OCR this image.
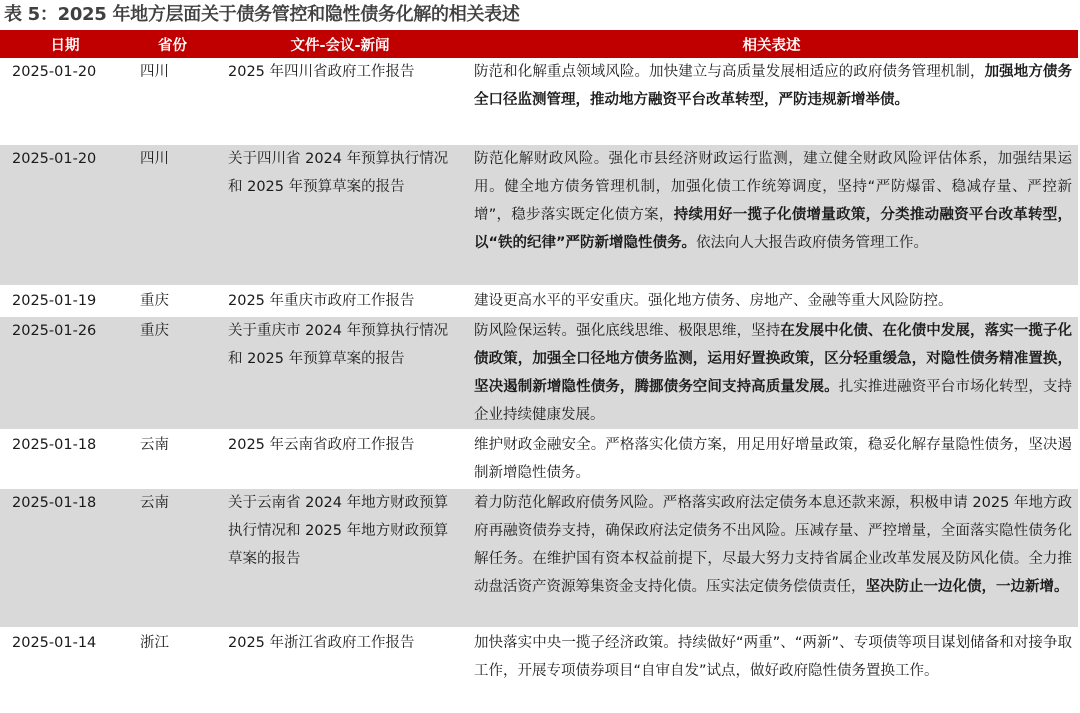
表 5：2025 年地方层面关于债务管控和隐性债务化解的相关表述
日期	省份	文件-会议-新闻	相关表述
2025-01-20	四川	2025 年四川省政府工作报告	防范和化解重点领域风险。加快建立与高质量发展相适应的政府债务管理机制，加强地方债务全口径监测管理，推动地方融资平台改革转型，严防违规新增举债。
2025-01-20	四川	关于四川省 2024 年预算执行情况和 2025 年预算草案的报告	防范化解财政风险。强化市县经济财政运行监测，建立健全财政风险评估体系，加强结果运用。健全地方债务管理机制，加强化债工作统筹调度，坚持“严防爆雷、稳减存量、严控新增”，稳步落实既定化债方案，持续用好一揽子化债增量政策，分类推动融资平台改革转型，以“铁的纪律”严防新增隐性债务。依法向人大报告政府债务管理工作。
2025-01-19	重庆	2025 年重庆市政府工作报告	建设更高水平的平安重庆。强化地方债务、房地产、金融等重大风险防控。
2025-01-26	重庆	关于重庆市 2024 年预算执行情况和 2025 年预算草案的报告	防风险保运转。强化底线思维、极限思维，坚持在发展中化债、在化债中发展，落实一揽子化债政策，加强全口径地方债务监测，运用好置换政策，区分轻重缓急，对隐性债务精准置换，坚决遏制新增隐性债务，腾挪债务空间支持高质量发展。扎实推进融资平台市场化转型，支持企业持续健康发展。
2025-01-18	云南	2025 年云南省政府工作报告	维护财政金融安全。严格落实化债方案，用足用好增量政策，稳妥化解存量隐性债务，坚决遏制新增隐性债务。
2025-01-18	云南	关于云南省 2024 年地方财政预算执行情况和 2025 年地方财政预算草案的报告	着力防范化解政府债务风险。严格落实政府法定债务本息还款来源，积极申请 2025 年地方政府再融资债券支持，确保政府法定债务不出风险。压减存量、严控增量，全面落实隐性债务化解任务。在维护国有资本权益前提下，尽最大努力支持省属企业改革发展及防风化债。全力推动盘活资产资源筹集资金支持化债。压实法定债务偿债责任，坚决防止一边化债，一边新增。
2025-01-14	浙江	2025 年浙江省政府工作报告	加快落实中央一揽子经济政策。持续做好“两重”、“两新”、专项债等项目谋划储备和对接争取工作，开展专项债券项目“自审自发”试点，做好政府隐性债务置换工作。
